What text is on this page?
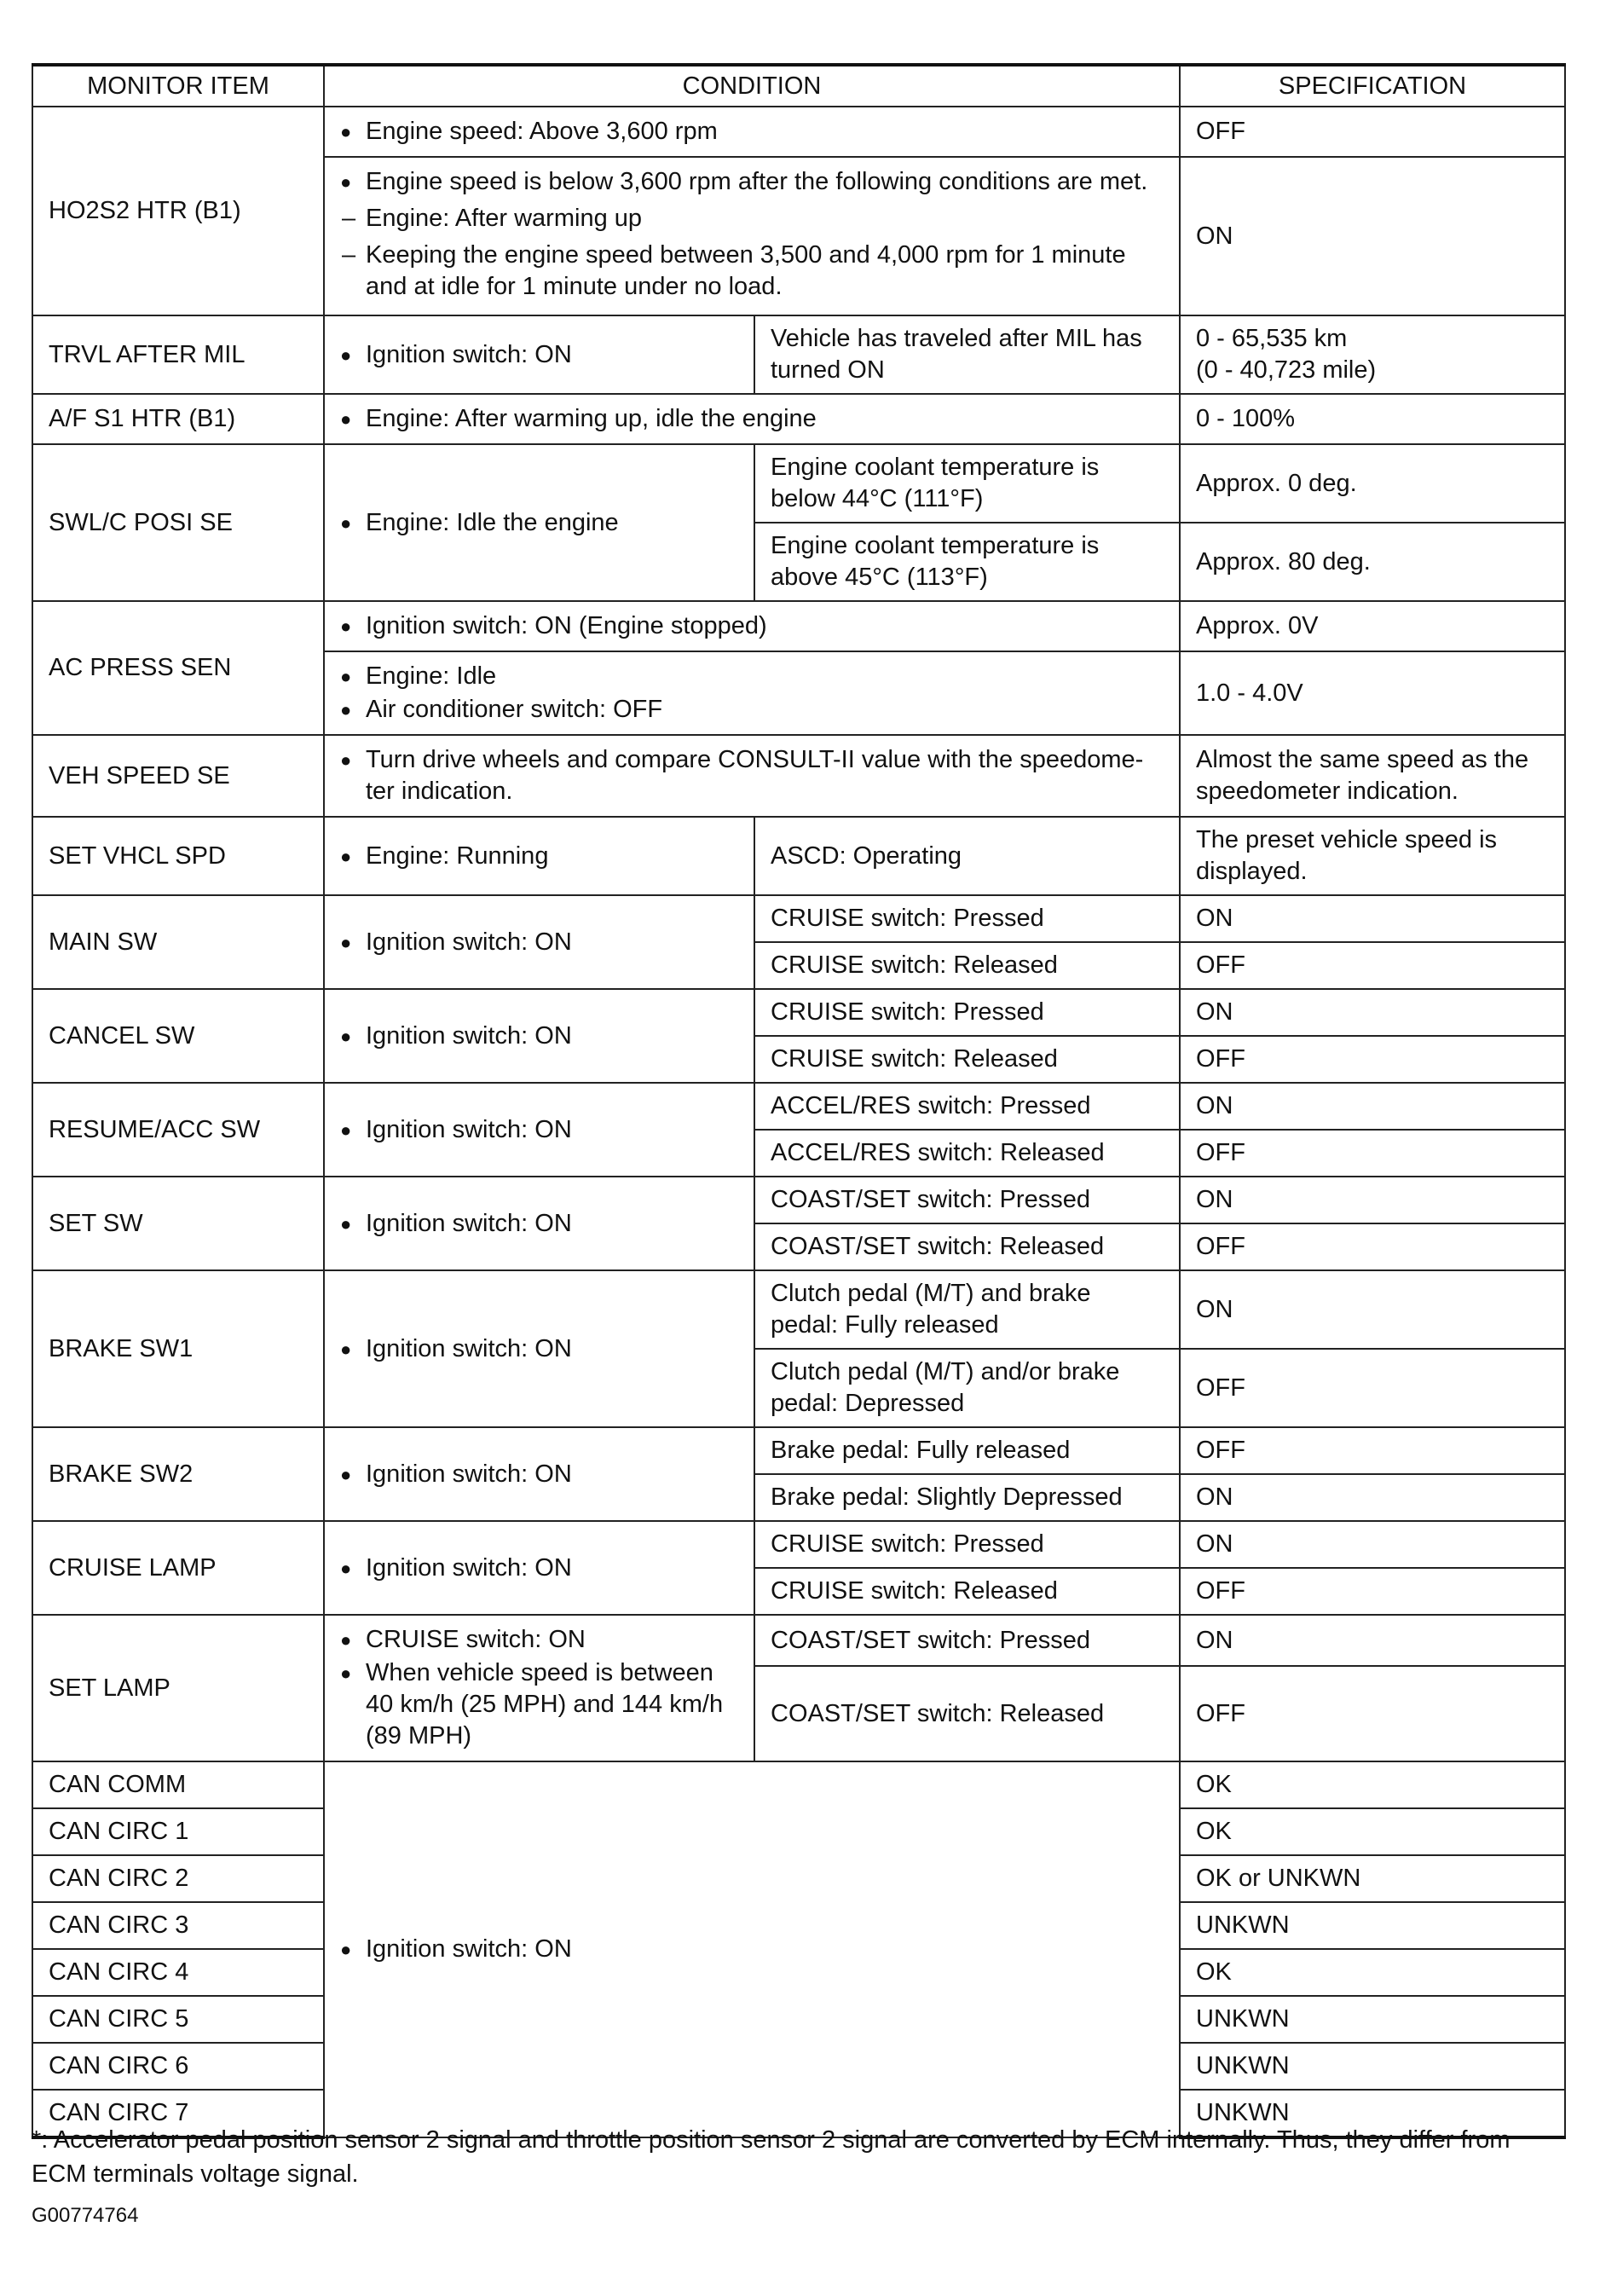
MONITOR ITEM	CONDITION		SPECIFICATION
HO2S2 HTR (B1)	● Engine speed: Above 3,600 rpm		OFF

	● Engine speed is below 3,600 rpm after the following conditions are met.
– Engine: After warming up
– Keeping the engine speed between 3,500 and 4,000 rpm for 1 minute and at idle for 1 minute under no load.		ON
TRVL AFTER MIL	● Ignition switch: ON	Vehicle has traveled after MIL has turned ON	0 - 65,535 km
(0 - 40,723 mile)

A/F S1 HTR (B1)	● Engine: After warming up, idle the engine		0 - 100%
SWL/C POSI SE	● Engine: Idle the engine	Engine coolant temperature is below 44°C (111°F)	Approx. 0 deg.
		Engine coolant temperature is above 45°C (113°F)	Approx. 80 deg.
AC PRESS SEN	● Ignition switch: ON (Engine stopped)		Approx. 0V

	● Engine: Idle
● Air conditioner switch: OFF		1.0 - 4.0V
VEH SPEED SE	● Turn drive wheels and compare CONSULT-II value with the speedome-ter indication.		Almost the same speed as the speedometer indication.
SET VHCL SPD	● Engine: Running	ASCD: Operating	The preset vehicle speed is displayed.
MAIN SW	● Ignition switch: ON	CRUISE switch: Pressed	ON
		CRUISE switch: Released	OFF
CANCEL SW	● Ignition switch: ON	CRUISE switch: Pressed	ON
		CRUISE switch: Released	OFF
RESUME/ACC SW	● Ignition switch: ON	ACCEL/RES switch: Pressed	ON
		ACCEL/RES switch: Released	OFF
SET SW	● Ignition switch: ON	COAST/SET switch: Pressed	ON
		COAST/SET switch: Released	OFF
BRAKE SW1	● Ignition switch: ON	Clutch pedal (M/T) and brake pedal: Fully released	ON
		Clutch pedal (M/T) and/or brake pedal: Depressed	OFF
BRAKE SW2	● Ignition switch: ON	Brake pedal: Fully released	OFF
		Brake pedal: Slightly Depressed	ON
CRUISE LAMP	● Ignition switch: ON	CRUISE switch: Pressed	ON
		CRUISE switch: Released	OFF
SET LAMP	● CRUISE switch: ON
● When vehicle speed is between 40 km/h (25 MPH) and 144 km/h (89 MPH)	COAST/SET switch: Pressed	ON
		COAST/SET switch: Released	OFF
CAN COMM	● Ignition switch: ON		OK
CAN CIRC 1			OK
CAN CIRC 2			OK or UNKWN
CAN CIRC 3			UNKWN
CAN CIRC 4			OK
CAN CIRC 5			UNKWN
CAN CIRC 6			UNKWN
CAN CIRC 7			UNKWN
*: Accelerator pedal position sensor 2 signal and throttle position sensor 2 signal are converted by ECM internally. Thus, they differ from ECM terminals voltage signal.
G00774764
